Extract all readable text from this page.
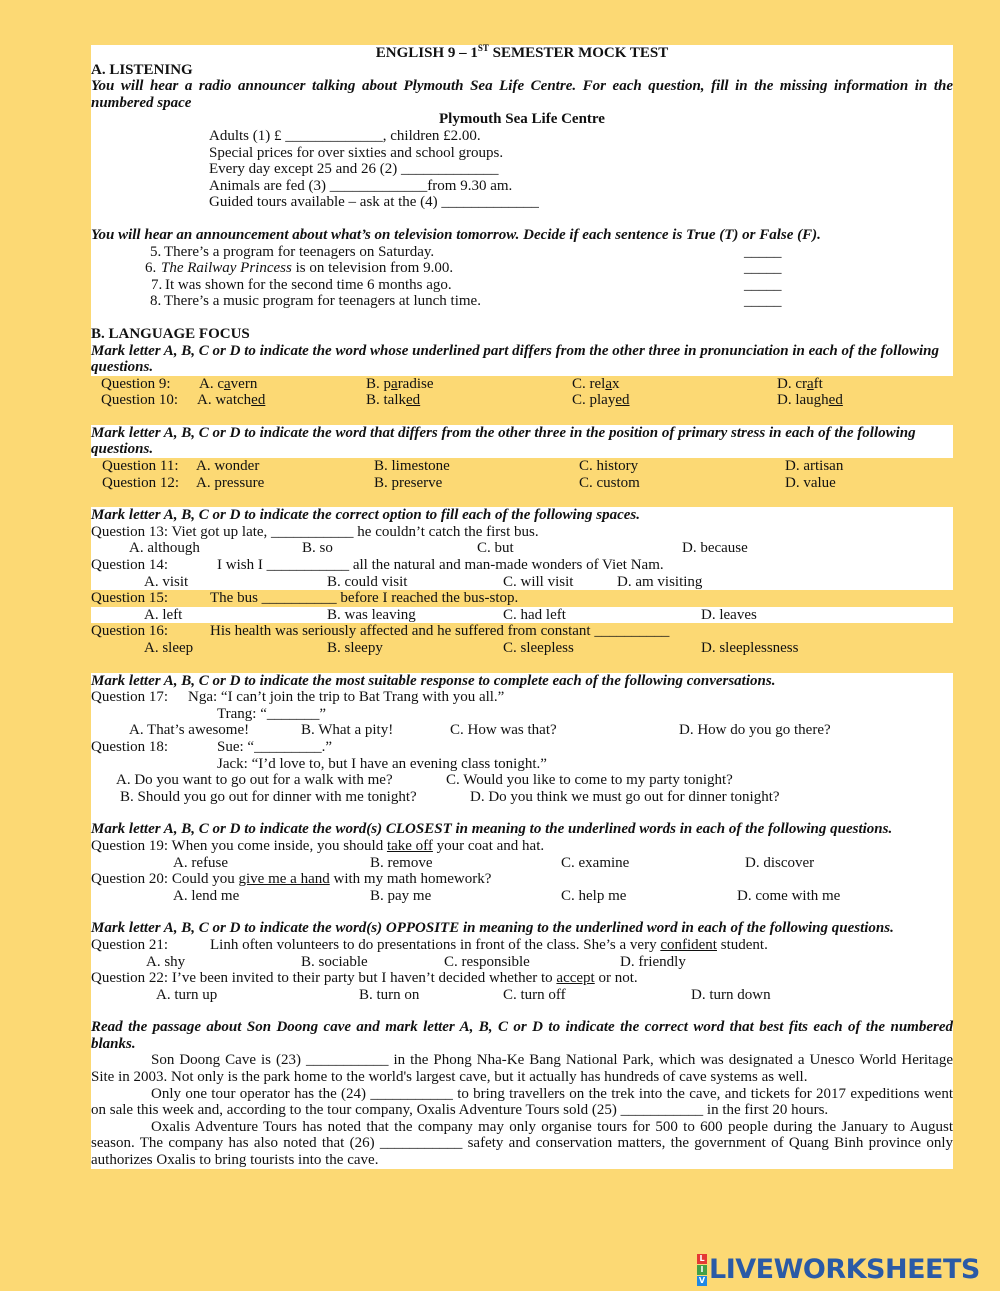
ENGLISH 9 – 1ST SEMESTER MOCK TEST
A. LISTENING
You will hear a radio announcer talking about Plymouth Sea Life Centre. For each question, fill in the missing information in the numbered space
Plymouth Sea Life Centre
Adults (1) £ _____________, children £2.00.
Special prices for over sixties and school groups.
Every day except 25 and 26 (2) _____________
Animals are fed (3) _____________from 9.30 am.
Guided tours available – ask at the (4) _____________
You will hear an announcement about what’s on television tomorrow. Decide if each sentence is True (T) or False (F).
5. There’s a program for teenagers on Saturday.	_____
6. The Railway Princess is on television from 9.00.	_____
7. It was shown for the second time 6 months ago.	_____
8. There’s a music program for teenagers at lunch time.	_____
B. LANGUAGE FOCUS
Mark letter A, B, C or D to indicate the word whose underlined part differs from the other three in pronunciation in each of the following questions.
Question 9:	A. cavern	B. paradise	C. relax	D. craft
Question 10:	A. watched	B. talked	C. played	D. laughed
Mark letter A, B, C or D to indicate the word that differs from the other three in the position of primary stress in each of the following questions.
Question 11:	A. wonder	B. limestone	C. history	D. artisan
Question 12:	A. pressure	B. preserve	C. custom	D. value
Mark letter A, B, C or D to indicate the correct option to fill each of the following spaces.
Question 13: Viet got up late, ___________ he couldn’t catch the first bus.
A. although	B. so	C. but	D. because
Question 14:	I wish I ___________ all the natural and man-made wonders of Viet Nam.
A. visit	B. could visit	C. will visit	D. am visiting
Question 15:	The bus __________ before I reached the bus-stop.
A. left	B. was leaving	C. had left	D. leaves
Question 16:	His health was seriously affected and he suffered from constant __________
A. sleep	B. sleepy	C. sleepless	D. sleeplessness
Mark letter A, B, C or D to indicate the most suitable response to complete each of the following conversations.
Question 17:	Nga: “I can’t join the trip to Bat Trang with you all.”
Trang: “_______”
A. That’s awesome!	B. What a pity!	C. How was that?	D. How do you go there?
Question 18:	Sue: “_________.”
Jack: “I’d love to, but I have an evening class tonight.”
A. Do you want to go out for a walk with me?	C. Would you like to come to my party tonight?
B. Should you go out for dinner with me tonight?	D. Do you think we must go out for dinner tonight?
Mark letter A, B, C or D to indicate the word(s) CLOSEST in meaning to the underlined words in each of the following questions.
Question 19: When you come inside, you should take off your coat and hat.
A. refuse	B. remove	C. examine	D. discover
Question 20: Could you give me a hand with my math homework?
A. lend me	B. pay me	C. help me	D. come with me
Mark letter A, B, C or D to indicate the word(s) OPPOSITE in meaning to the underlined word in each of the following questions.
Question 21:	Linh often volunteers to do presentations in front of the class. She’s a very confident student.
A. shy	B. sociable	C. responsible	D. friendly
Question 22: I’ve been invited to their party but I haven’t decided whether to accept or not.
A. turn up	B. turn on	C. turn off	D. turn down
Read the passage about Son Doong cave and mark letter A, B, C or D to indicate the correct word that best fits each of the numbered blanks.
Son Doong Cave is (23) ___________ in the Phong Nha-Ke Bang National Park, which was designated a Unesco World Heritage Site in 2003. Not only is the park home to the world's largest cave, but it actually has hundreds of cave systems as well.
Only one tour operator has the (24) ___________ to bring travellers on the trek into the cave, and tickets for 2017 expeditions went on sale this week and, according to the tour company, Oxalis Adventure Tours sold (25) ___________ in the first 20 hours.
Oxalis Adventure Tours has noted that the company may only organise tours for 500 to 600 people during the January to August season. The company has also noted that (26) ___________ safety and conservation matters, the government of Quang Binh province only authorizes Oxalis to bring tourists into the cave.
L
I
V LIVEWORKSHEETS
